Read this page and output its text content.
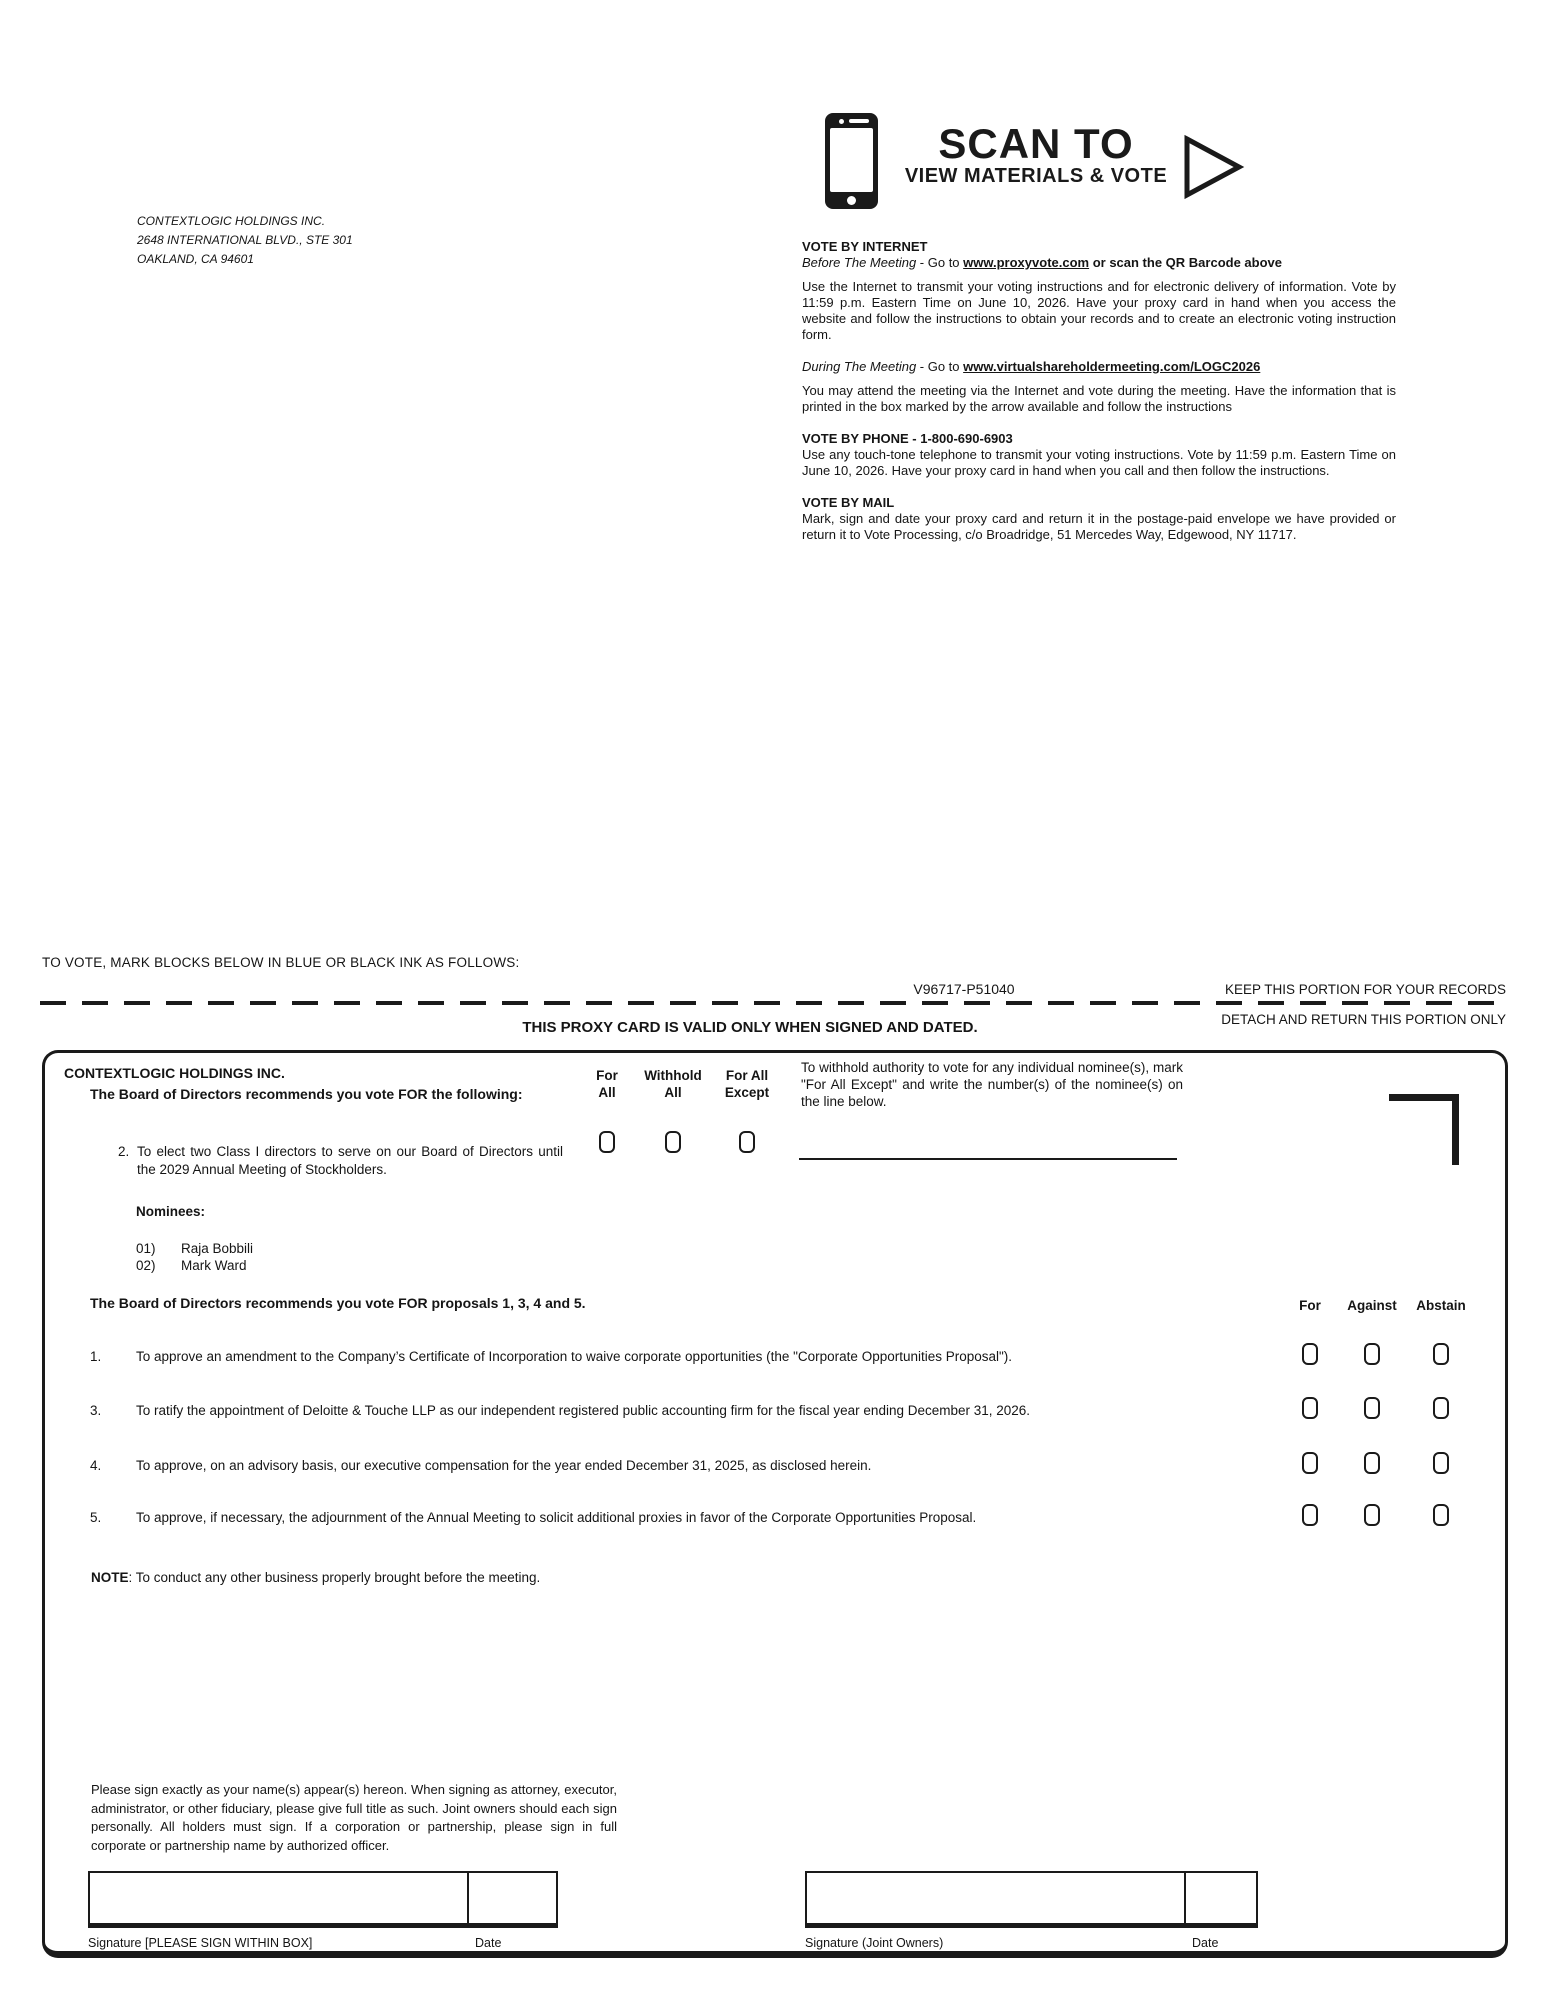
CONTEXTLOGIC HOLDINGS INC.
2648 INTERNATIONAL BLVD., STE 301
OAKLAND, CA 94601
SCAN TO
VIEW MATERIALS & VOTE
VOTE BY INTERNET
Before The Meeting - Go to www.proxyvote.com or scan the QR Barcode above

Use the Internet to transmit your voting instructions and for electronic delivery of information. Vote by 11:59 p.m. Eastern Time on June 10, 2026. Have your proxy card in hand when you access the website and follow the instructions to obtain your records and to create an electronic voting instruction form.

During The Meeting - Go to www.virtualshareholdermeeting.com/LOGC2026

You may attend the meeting via the Internet and vote during the meeting. Have the information that is printed in the box marked by the arrow available and follow the instructions

VOTE BY PHONE - 1-800-690-6903

Use any touch-tone telephone to transmit your voting instructions. Vote by 11:59 p.m. Eastern Time on June 10, 2026. Have your proxy card in hand when you call and then follow the instructions.

VOTE BY MAIL

Mark, sign and date your proxy card and return it in the postage-paid envelope we have provided or return it to Vote Processing, c/o Broadridge, 51 Mercedes Way, Edgewood, NY 11717.

TO VOTE, MARK BLOCKS BELOW IN BLUE OR BLACK INK AS FOLLOWS:
V96717-P51040	KEEP THIS PORTION FOR YOUR RECORDS
DETACH AND RETURN THIS PORTION ONLY
THIS PROXY CARD IS VALID ONLY WHEN SIGNED AND DATED.
CONTEXTLOGIC HOLDINGS INC.
The Board of Directors recommends you vote FOR the following:
For
All
Withhold
All
For All
Except
2. To elect two Class I directors to serve on our Board of Directors until the 2029 Annual Meeting of Stockholders.
To withhold authority to vote for any individual nominee(s), mark "For All Except" and write the number(s) of the nominee(s) on the line below.
Nominees:
01) Raja Bobbili
02) Mark Ward
The Board of Directors recommends you vote FOR proposals 1, 3, 4 and 5.	For	Against	Abstain
1.	To approve an amendment to the Company’s Certificate of Incorporation to waive corporate opportunities (the "Corporate Opportunities Proposal").
3.	To ratify the appointment of Deloitte & Touche LLP as our independent registered public accounting firm for the fiscal year ending December 31, 2026.
4.	To approve, on an advisory basis, our executive compensation for the year ended December 31, 2025, as disclosed herein.
5.	To approve, if necessary, the adjournment of the Annual Meeting to solicit additional proxies in favor of the Corporate Opportunities Proposal.
NOTE: To conduct any other business properly brought before the meeting.
Please sign exactly as your name(s) appear(s) hereon. When signing as attorney, executor, administrator, or other fiduciary, please give full title as such. Joint owners should each sign personally. All holders must sign. If a corporation or partnership, please sign in full corporate or partnership name by authorized officer.
Signature [PLEASE SIGN WITHIN BOX]	Date	Signature (Joint Owners)	Date
